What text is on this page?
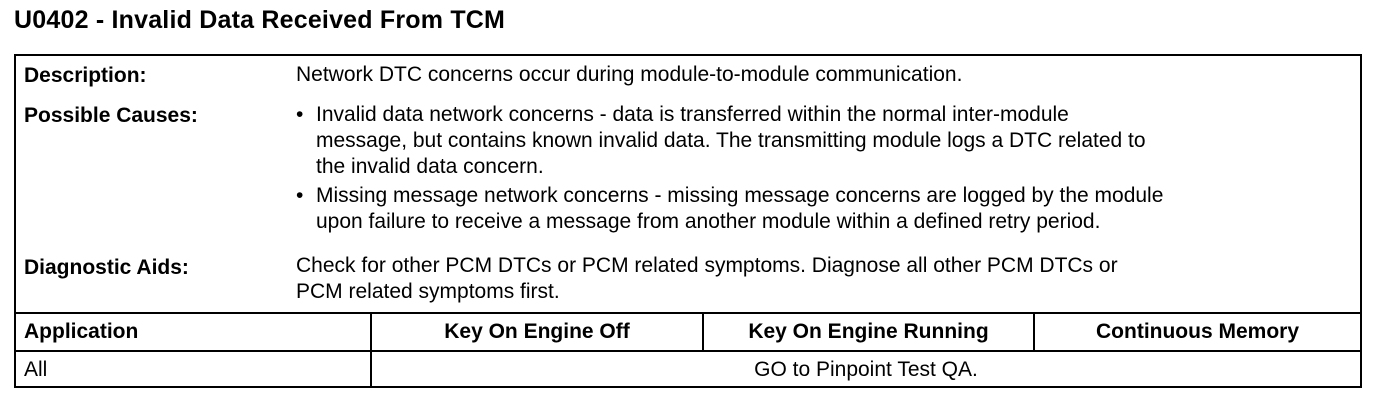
U0402 - Invalid Data Received From TCM
Description:	Network DTC concerns occur during module-to-module communication.
Possible Causes:	• Invalid data network concerns - data is transferred within the normal inter-module
message, but contains known invalid data. The transmitting module logs a DTC related to
the invalid data concern.
• Missing message network concerns - missing message concerns are logged by the module
upon failure to receive a message from another module within a defined retry period.
Diagnostic Aids:	Check for other PCM DTCs or PCM related symptoms. Diagnose all other PCM DTCs or
PCM related symptoms first.
Application	Key On Engine Off	Key On Engine Running	Continuous Memory
All	GO to Pinpoint Test QA.
